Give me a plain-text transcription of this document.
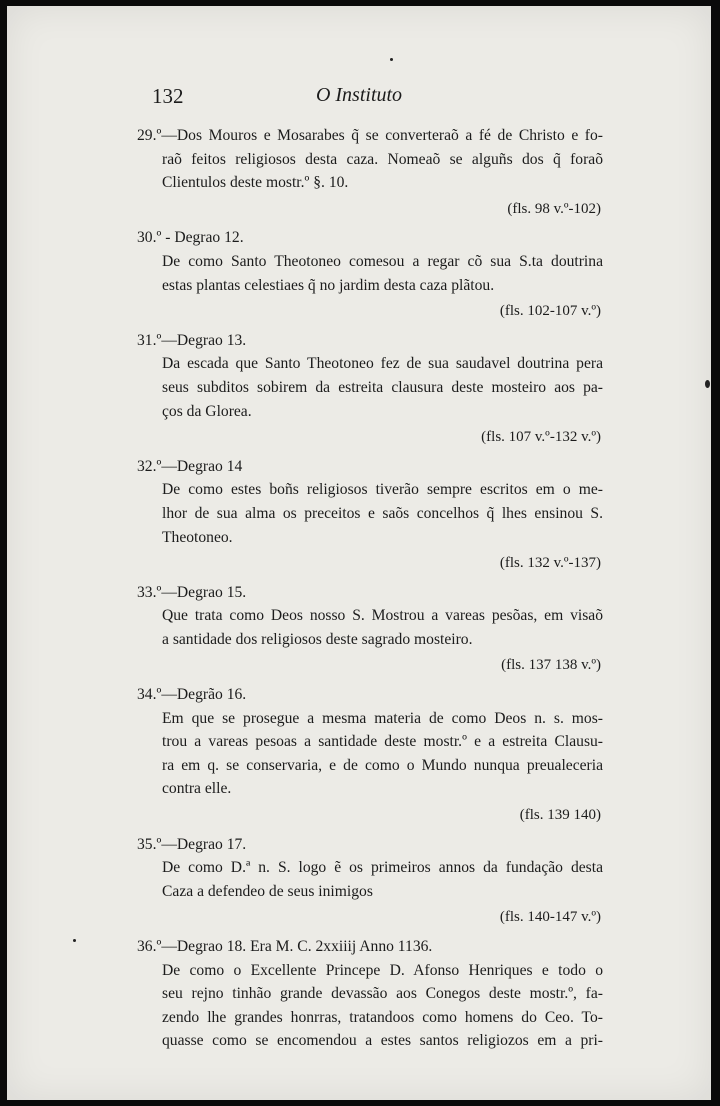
132	O Instituto
29.º—Dos Mouros e Mosarabes q̃ se converteraõ a fé de Christo e fo-
raõ feitos religiosos desta caza. Nomeaõ se alguñs dos q̃ foraõ
Clientulos deste mostr.º §. 10.
(fls. 98 v.º-102)
30.º - Degrao 12.
De como Santo Theotoneo comesou a regar cõ sua S.ta doutrina
estas plantas celestiaes q̃ no jardim desta caza plãtou.
(fls. 102-107 v.º)
31.º—Degrao 13.
Da escada que Santo Theotoneo fez de sua saudavel doutrina pera
seus subditos sobirem da estreita clausura deste mosteiro aos pa-
ços da Glorea.
(fls. 107 v.º-132 v.º)
32.º—Degrao 14
De como estes boñs religiosos tiverão sempre escritos em o me-
lhor de sua alma os preceitos e saõs concelhos q̃ lhes ensinou S.
Theotoneo.
(fls. 132 v.º-137)
33.º—Degrao 15.
Que trata como Deos nosso S. Mostrou a vareas pesõas, em visaõ
a santidade dos religiosos deste sagrado mosteiro.
(fls. 137 138 v.º)
34.º—Degrão 16.
Em que se prosegue a mesma materia de como Deos n. s. mos-
trou a vareas pesoas a santidade deste mostr.º e a estreita Clausu-
ra em q. se conservaria, e de como o Mundo nunqua preualeceria
contra elle.
(fls. 139 140)
35.º—Degrao 17.
De como D.ª n. S. logo ẽ os primeiros annos da fundação desta
Caza a defendeo de seus inimigos
(fls. 140-147 v.º)
36.º—Degrao 18. Era M. C. 2xxiiij Anno 1136.
De como o Excellente Princepe D. Afonso Henriques e todo o
seu rejno tinhão grande devassão aos Conegos deste mostr.º, fa-
zendo lhe grandes honrras, tratandoos como homens do Ceo. To-
quasse como se encomendou a estes santos religiozos em a pri-
